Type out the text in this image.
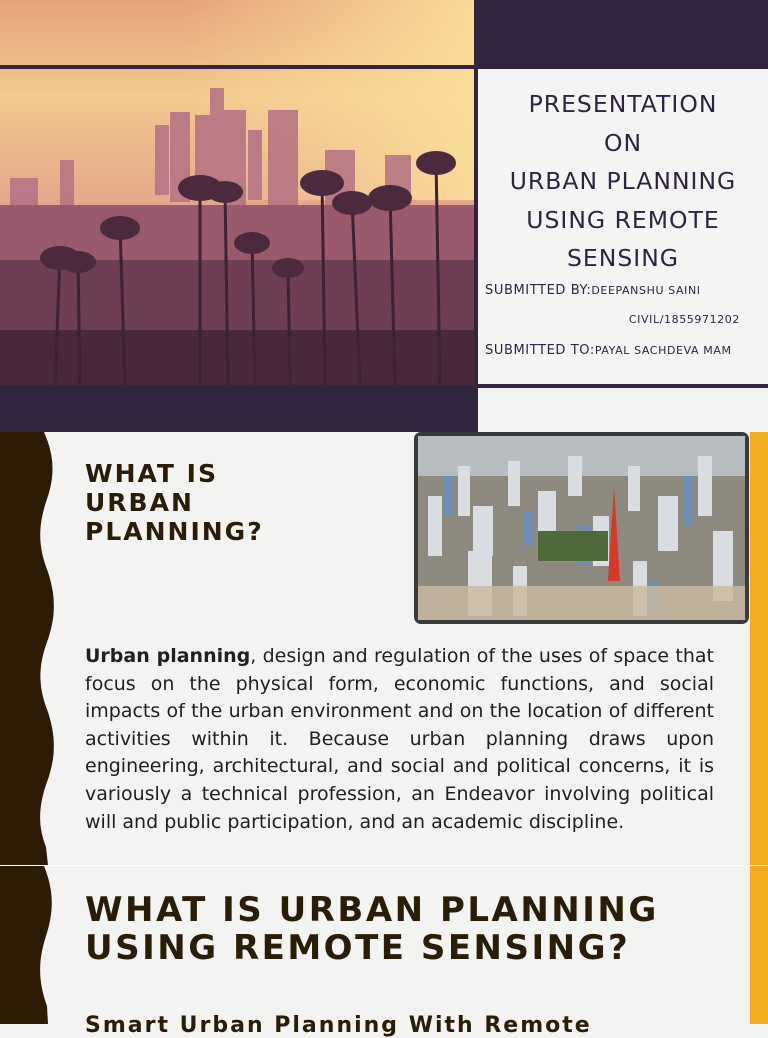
PRESENTATION
ON
URBAN PLANNING
USING REMOTE
SENSING
SUBMITTED BY:DEEPANSHU SAINI
CIVIL/1855971202
SUBMITTED TO:PAYAL SACHDEVA MAM
WHAT IS
URBAN
PLANNING?

Urban planning, design and regulation of the uses of space that focus on the physical form, economic functions, and social impacts of the urban environment and on the location of different activities within it. Because urban planning draws upon engineering, architectural, and social and political concerns, it is variously a technical profession, an Endeavor involving political will and public participation, and an academic discipline.

WHAT IS URBAN PLANNING
USING REMOTE SENSING?
Smart Urban Planning With Remote
